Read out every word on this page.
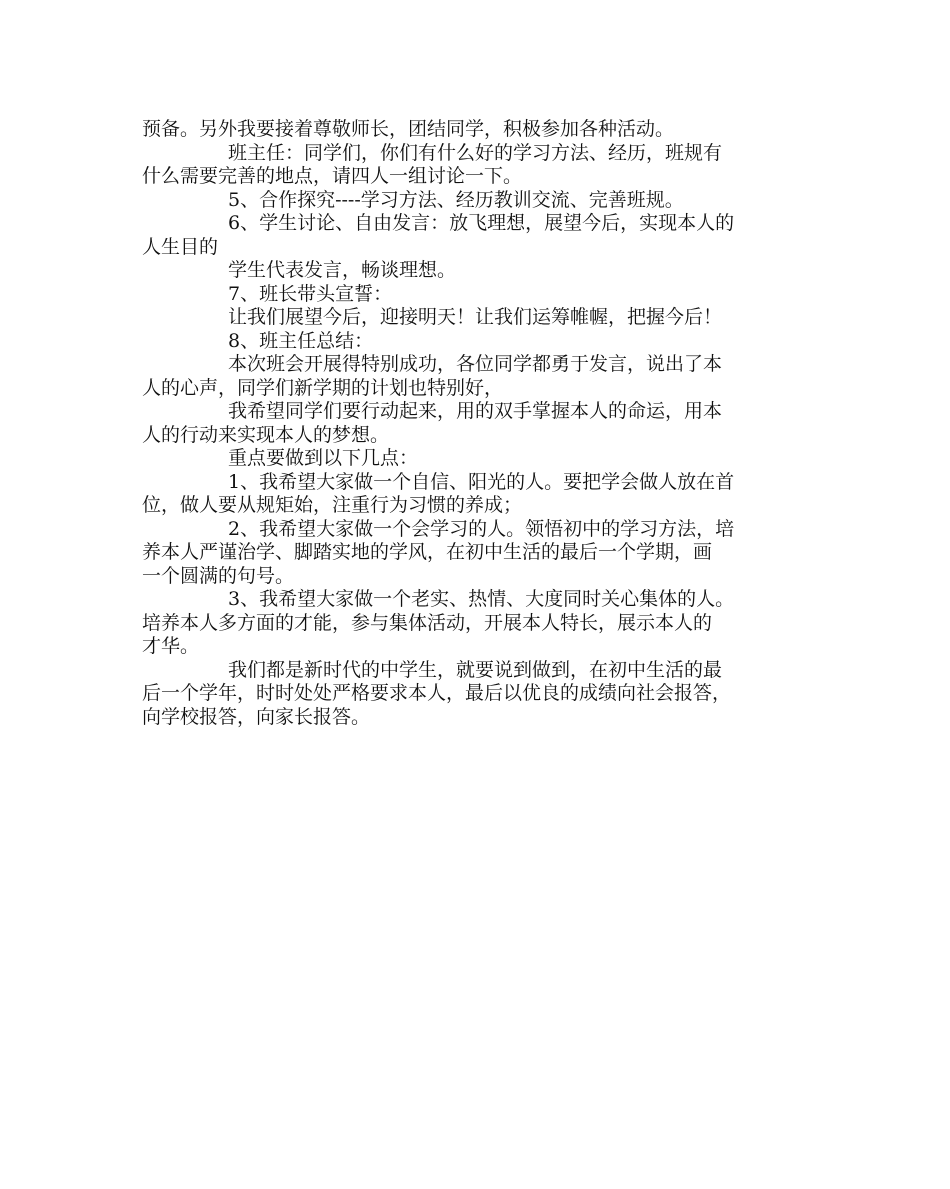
预备。另外我要接着尊敬师长，团结同学，积极参加各种活动。
班主任：同学们，你们有什么好的学习方法、经历，班规有
什么需要完善的地点，请四人一组讨论一下。
5、合作探究----学习方法、经历教训交流、完善班规。
6、学生讨论、自由发言：放飞理想，展望今后，实现本人的
人生目的
学生代表发言，畅谈理想。
7、班长带头宣誓：
让我们展望今后，迎接明天！让我们运筹帷幄，把握今后！
8、班主任总结：
本次班会开展得特别成功，各位同学都勇于发言，说出了本
人的心声，同学们新学期的计划也特别好，
我希望同学们要行动起来，用的双手掌握本人的命运，用本
人的行动来实现本人的梦想。
重点要做到以下几点：
1、我希望大家做一个自信、阳光的人。要把学会做人放在首
位，做人要从规矩始，注重行为习惯的养成；
2、我希望大家做一个会学习的人。领悟初中的学习方法，培
养本人严谨治学、脚踏实地的学风，在初中生活的最后一个学期，画
一个圆满的句号。
3、我希望大家做一个老实、热情、大度同时关心集体的人。
培养本人多方面的才能，参与集体活动，开展本人特长，展示本人的
才华。
我们都是新时代的中学生，就要说到做到，在初中生活的最
后一个学年，时时处处严格要求本人，最后以优良的成绩向社会报答，
向学校报答，向家长报答。
